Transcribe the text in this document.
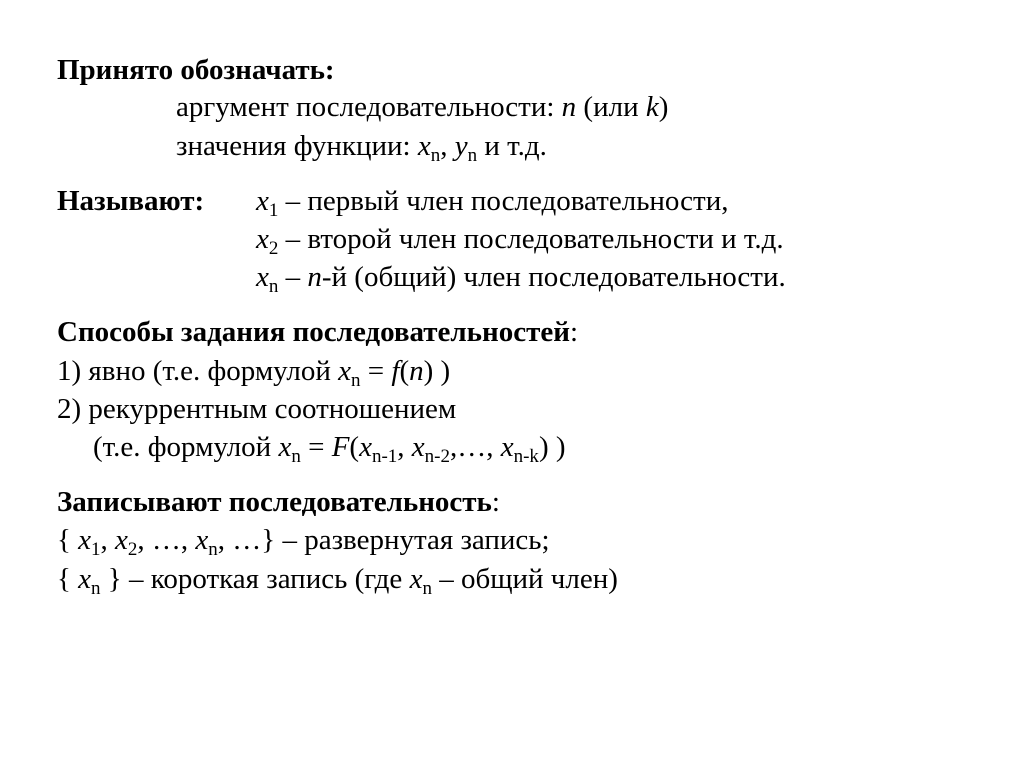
Принято обозначать:
аргумент последовательности: n (или k)
значения функции: $x_n$, $y_n$ и т.д.
Называют: $x_1$ – первый член последовательности,
$x_2$ – второй член последовательности и т.д.
$x_n - n-й$ (общий) член последовательности.
Способы задания последовательностей:
1) явно (т.е. формулой $x_n = f(n)$ )
2) рекуррентным соотношением
(т.е. формулой $x_n = F(x_{n-1}$, $x_{n-2},\dots$, $x_{n-k}$) )
Записывают последовательность:
{ $x_1$, $x_2$, …, $x_n$, …} – развернутая запись;
{ $x_n$ } – короткая запись (где $x_n$ – общий член)
